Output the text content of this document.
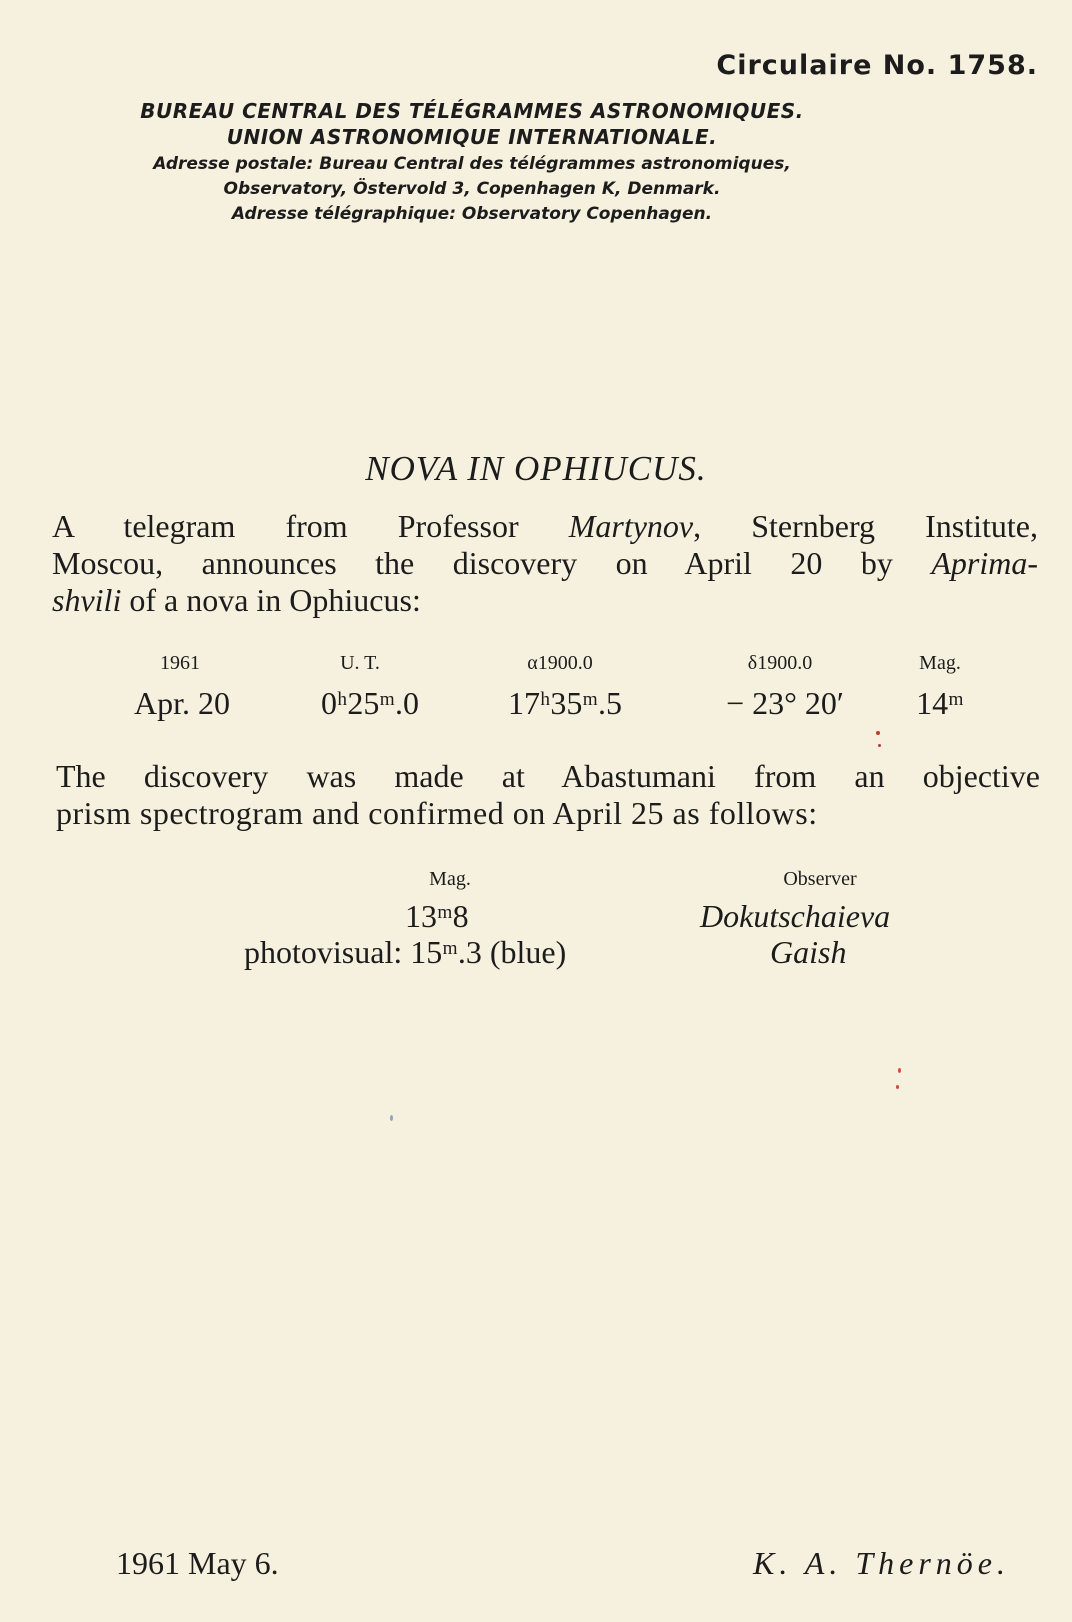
Circulaire No. 1758.
BUREAU CENTRAL DES TÉLÉGRAMMES ASTRONOMIQUES.
UNION ASTRONOMIQUE INTERNATIONALE.
Adresse postale: Bureau Central des télégrammes astronomiques,
Observatory, Östervold 3, Copenhagen K, Denmark.
Adresse télégraphique: Observatory Copenhagen.
NOVA IN OPHIUCUS.
A telegram from Professor Martynov, Sternberg Institute,
Moscou, announces the discovery on April 20 by Aprima-
shvili of a nova in Ophiucus:
1961	U. T.	α1900.0	δ1900.0	Mag.
Apr. 20	0ʰ25ᵐ.0	17ʰ35ᵐ.5	− 23° 20′	14ᵐ
The discovery was made at Abastumani from an objective
prism spectrogram and confirmed on April 25 as follows:
Mag.	Observer
13ᵐ8	Dokutschaieva
photovisual: 15ᵐ.3 (blue)	Gaish
1961 May 6.	K. A. Thernöe.
